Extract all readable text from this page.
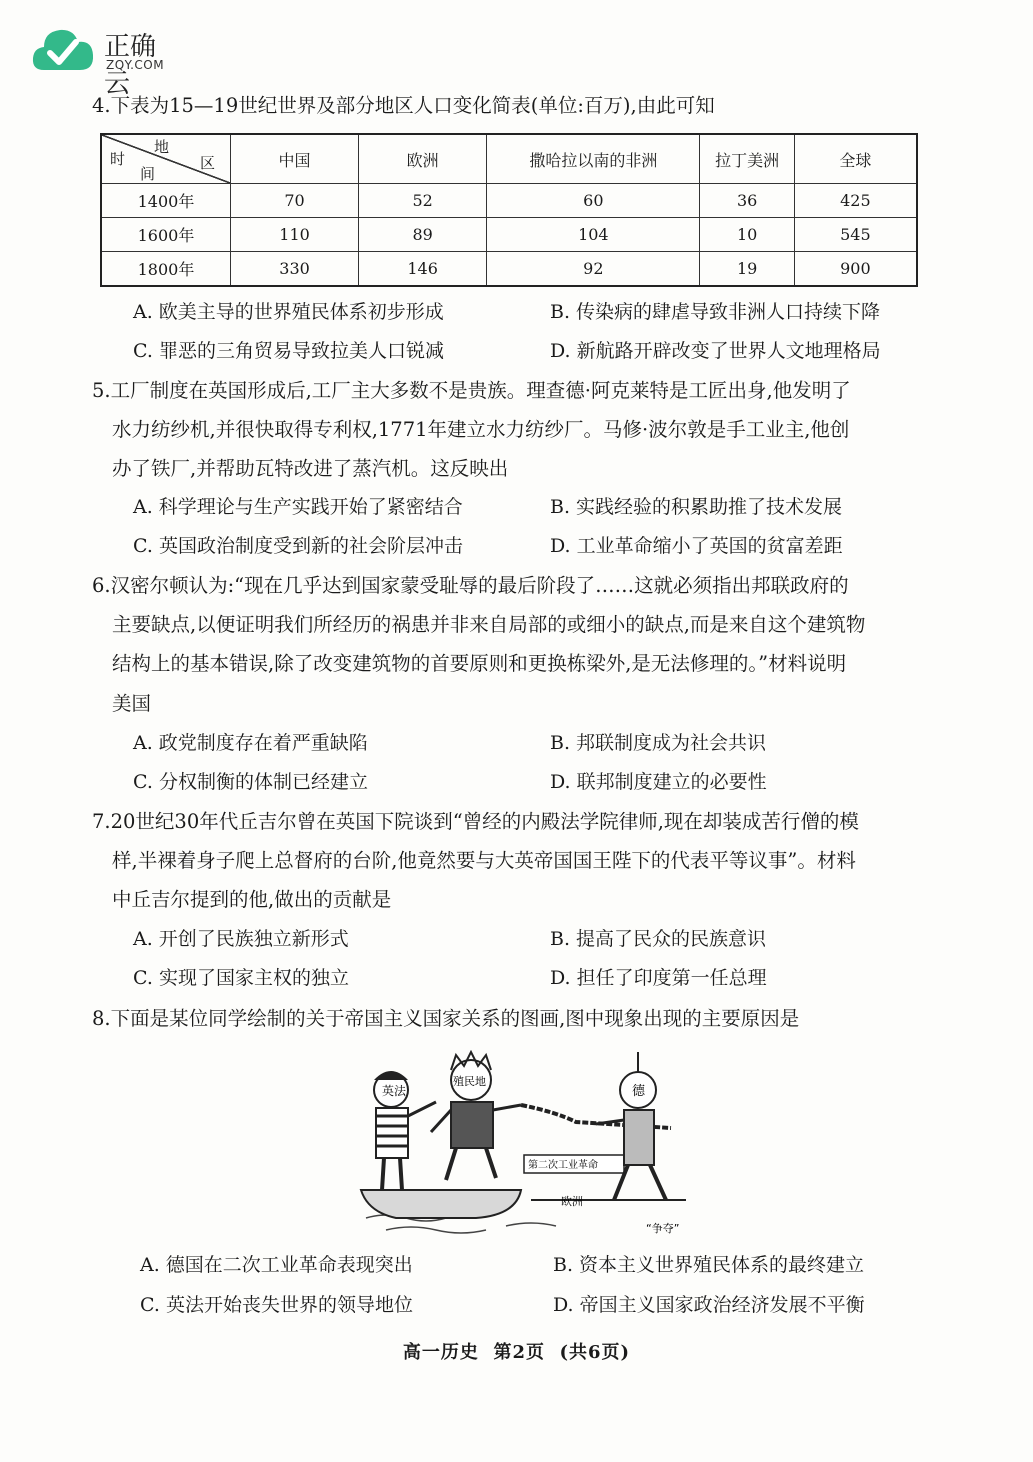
正确云
ZQY.COM
4.下表为15—19世纪世界及部分地区人口变化简表(单位:百万),由此可知
地
区
时
间	中国	欧洲	撒哈拉以南的非洲	拉丁美洲	全球
1400年	70	52	60	36	425
1600年	110	89	104	10	545
1800年	330	146	92	19	900
A. 欧美主导的世界殖民体系初步形成	B. 传染病的肆虐导致非洲人口持续下降
C. 罪恶的三角贸易导致拉美人口锐减	D. 新航路开辟改变了世界人文地理格局
5.工厂制度在英国形成后,工厂主大多数不是贵族。理查德·阿克莱特是工匠出身,他发明了
水力纺纱机,并很快取得专利权,1771年建立水力纺纱厂。马修·波尔敦是手工业主,他创
办了铁厂,并帮助瓦特改进了蒸汽机。这反映出
A. 科学理论与生产实践开始了紧密结合	B. 实践经验的积累助推了技术发展
C. 英国政治制度受到新的社会阶层冲击	D. 工业革命缩小了英国的贫富差距
6.汉密尔顿认为:“现在几乎达到国家蒙受耻辱的最后阶段了……这就必须指出邦联政府的
主要缺点,以便证明我们所经历的祸患并非来自局部的或细小的缺点,而是来自这个建筑物
结构上的基本错误,除了改变建筑物的首要原则和更换栋梁外,是无法修理的。”材料说明
美国
A. 政党制度存在着严重缺陷	B. 邦联制度成为社会共识
C. 分权制衡的体制已经建立	D. 联邦制度建立的必要性
7.20世纪30年代丘吉尔曾在英国下院谈到“曾经的内殿法学院律师,现在却装成苦行僧的模
样,半裸着身子爬上总督府的台阶,他竟然要与大英帝国国王陛下的代表平等议事”。材料
中丘吉尔提到的他,做出的贡献是
A. 开创了民族独立新形式	B. 提高了民众的民族意识
C. 实现了国家主权的独立	D. 担任了印度第一任总理
8.下面是某位同学绘制的关于帝国主义国家关系的图画,图中现象出现的主要原因是
英法
殖民地
第二次工业革命
德
欧洲
“争夺”
A. 德国在二次工业革命表现突出	B. 资本主义世界殖民体系的最终建立
C. 英法开始丧失世界的领导地位	D. 帝国主义国家政治经济发展不平衡
高一历史  第2页  (共6页)
